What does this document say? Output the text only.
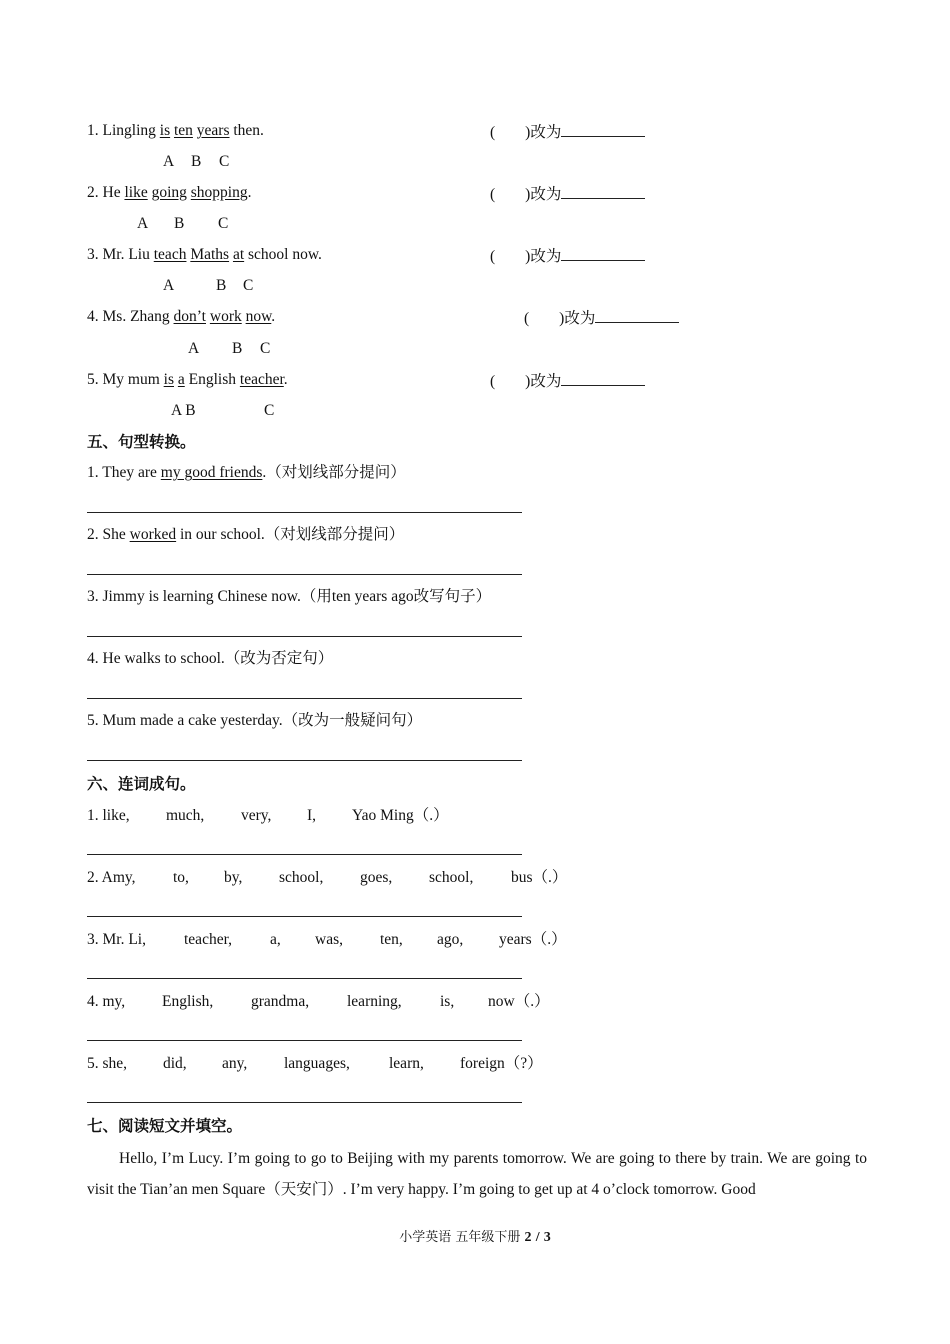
1. Lingling is ten years then.
A B C
( )改为
2. He like going shopping.
A B C
( )改为
3. Mr. Liu teach Maths at school now.
A	B C
( )改为
4. Ms. Zhang don’t work now.
A B C
( )改为
5. My mum is a English teacher.
A B	C
( )改为
五、句型转换。
1. They are my good friends.（对划线部分提问）
2. She worked in our school.（对划线部分提问）
3. Jimmy is learning Chinese now.（用ten years ago改写句子）
4. He walks to school.（改为否定句）
5. Mum made a cake yesterday.（改为一般疑问句）
六、连词成句。
1. like, much, very, I, Yao Ming（.）
2. Amy, to, by, school, goes, school, bus（.）
3. Mr. Li, teacher, a, was, ten, ago, years（.）
4. my, English, grandma, learning, is, now（.）
5. she, did, any, languages,	learn, foreign（?）
七、阅读短文并填空。
Hello, I’m Lucy. I’m going to go to Beijing with my parents tomorrow. We are going to there by train. We are going to visit the Tian’an men Square（天安门）. I’m very happy. I’m going to get up at 4 o’clock tomorrow. Good
小学英语 五年级下册 2 / 3
